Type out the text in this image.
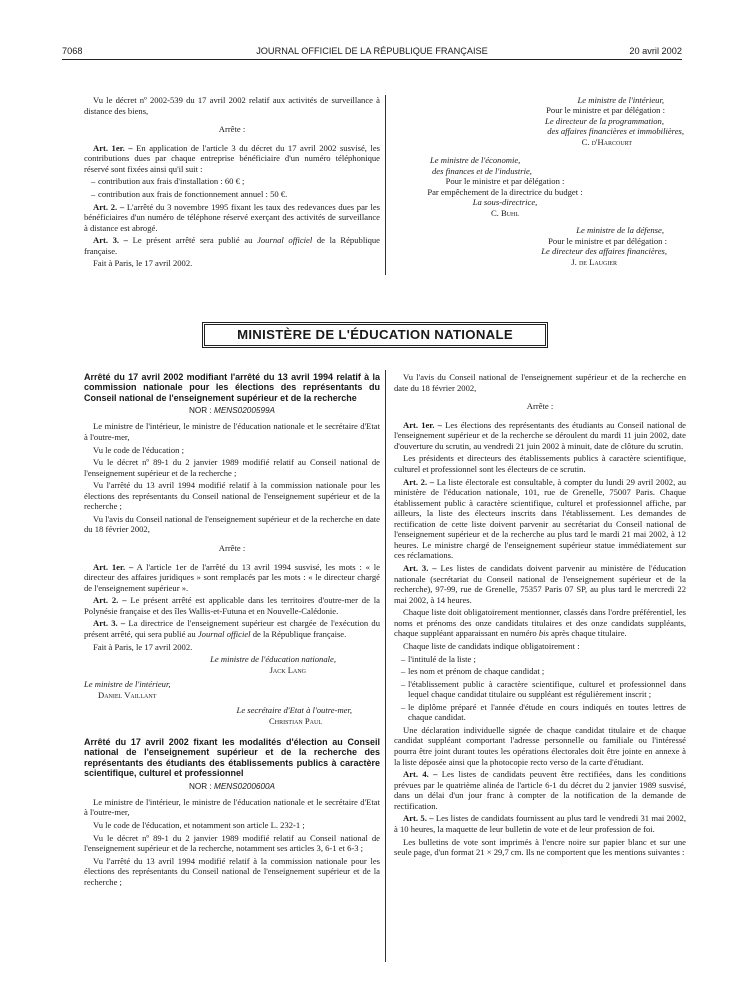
7068	JOURNAL OFFICIEL DE LA RÉPUBLIQUE FRANÇAISE	20 avril 2002

Vu le décret nº 2002-539 du 17 avril 2002 relatif aux activités de surveillance à distance des biens,

Arrête :

Art. 1er. – En application de l'article 3 du décret du 17 avril 2002 susvisé, les contributions dues par chaque entreprise bénéficiaire d'un numéro téléphonique réservé sont fixées ainsi qu'il suit :

– contribution aux frais d'installation : 60 € ;

– contribution aux frais de fonctionnement annuel : 50 €.

Art. 2. – L'arrêté du 3 novembre 1995 fixant les taux des redevances dues par les bénéficiaires d'un numéro de téléphone réservé exerçant des activités de surveillance à distance est abrogé.

Art. 3. – Le présent arrêté sera publié au Journal officiel de la République française.

Fait à Paris, le 17 avril 2002.

Le ministre de l'intérieur,
Pour le ministre et par délégation :
Le directeur de la programmation,
des affaires financières et immobilières,
C. d'Harcourt
Le ministre de l'économie,
des finances et de l'industrie,
Pour le ministre et par délégation :
Par empêchement de la directrice du budget :
La sous-directrice,
C. Buhl
Le ministre de la défense,
Pour le ministre et par délégation :
Le directeur des affaires financières,
J. de Laugier
MINISTÈRE DE L'ÉDUCATION NATIONALE
Arrêté du 17 avril 2002 modifiant l'arrêté du 13 avril 1994 relatif à la commission nationale pour les élections des représentants du Conseil national de l'enseignement supérieur et de la recherche
NOR : MENS0200599A

Le ministre de l'intérieur, le ministre de l'éducation nationale et le secrétaire d'Etat à l'outre-mer,

Vu le code de l'éducation ;

Vu le décret nº 89-1 du 2 janvier 1989 modifié relatif au Conseil national de l'enseignement supérieur et de la recherche ;

Vu l'arrêté du 13 avril 1994 modifié relatif à la commission nationale pour les élections des représentants du Conseil national de l'enseignement supérieur et de la recherche ;

Vu l'avis du Conseil national de l'enseignement supérieur et de la recherche en date du 18 février 2002,

Arrête :

Art. 1er. – A l'article 1er de l'arrêté du 13 avril 1994 susvisé, les mots : « le directeur des affaires juridiques » sont remplacés par les mots : « le directeur chargé de l'enseignement supérieur ».

Art. 2. – Le présent arrêté est applicable dans les territoires d'outre-mer de la Polynésie française et des îles Wallis-et-Futuna et en Nouvelle-Calédonie.

Art. 3. – La directrice de l'enseignement supérieur est chargée de l'exécution du présent arrêté, qui sera publié au Journal officiel de la République française.

Fait à Paris, le 17 avril 2002.

Le ministre de l'éducation nationale,
Jack Lang
Le ministre de l'intérieur,
Daniel Vaillant
Le secrétaire d'Etat à l'outre-mer,
Christian Paul
Arrêté du 17 avril 2002 fixant les modalités d'élection au Conseil national de l'enseignement supérieur et de la recherche des représentants des étudiants des établissements publics à caractère scientifique, culturel et professionnel
NOR : MENS0200600A

Le ministre de l'intérieur, le ministre de l'éducation nationale et le secrétaire d'Etat à l'outre-mer,

Vu le code de l'éducation, et notamment son article L. 232-1 ;

Vu le décret nº 89-1 du 2 janvier 1989 modifié relatif au Conseil national de l'enseignement supérieur et de la recherche, notamment ses articles 3, 6-1 et 6-3 ;

Vu l'arrêté du 13 avril 1994 modifié relatif à la commission nationale pour les élections des représentants du Conseil national de l'enseignement supérieur et de la recherche ;

Vu l'avis du Conseil national de l'enseignement supérieur et de la recherche en date du 18 février 2002,

Arrête :

Art. 1er. – Les élections des représentants des étudiants au Conseil national de l'enseignement supérieur et de la recherche se déroulent du mardi 11 juin 2002, date d'ouverture du scrutin, au vendredi 21 juin 2002 à minuit, date de clôture du scrutin.

Les présidents et directeurs des établissements publics à caractère scientifique, culturel et professionnel sont les électeurs de ce scrutin.

Art. 2. – La liste électorale est consultable, à compter du lundi 29 avril 2002, au ministère de l'éducation nationale, 101, rue de Grenelle, 75007 Paris. Chaque établissement public à caractère scientifique, culturel et professionnel affiche, par ailleurs, la liste des électeurs inscrits dans l'établissement. Les demandes de rectification de cette liste doivent parvenir au secrétariat du Conseil national de l'enseignement supérieur et de la recherche au plus tard le mardi 21 mai 2002, à 12 heures. Le ministre chargé de l'enseignement supérieur statue immédiatement sur ces réclamations.

Art. 3. – Les listes de candidats doivent parvenir au ministère de l'éducation nationale (secrétariat du Conseil national de l'enseignement supérieur et de la recherche), 97-99, rue de Grenelle, 75357 Paris 07 SP, au plus tard le mercredi 22 mai 2002, à 14 heures.

Chaque liste doit obligatoirement mentionner, classés dans l'ordre préférentiel, les noms et prénoms des onze candidats titulaires et des onze candidats suppléants, chaque suppléant apparaissant en numéro bis après chaque titulaire.

Chaque liste de candidats indique obligatoirement :

– l'intitulé de la liste ;

– les nom et prénom de chaque candidat ;

– l'établissement public à caractère scientifique, culturel et professionnel dans lequel chaque candidat titulaire ou suppléant est régulièrement inscrit ;

– le diplôme préparé et l'année d'étude en cours indiqués en toutes lettres de chaque candidat.

Une déclaration individuelle signée de chaque candidat titulaire et de chaque candidat suppléant comportant l'adresse personnelle ou familiale ou l'intéressé pourra être joint durant toutes les opérations électorales doit être jointe en annexe à la liste déposée ainsi que la photocopie recto verso de la carte d'étudiant.

Art. 4. – Les listes de candidats peuvent être rectifiées, dans les conditions prévues par le quatrième alinéa de l'article 6-1 du décret du 2 janvier 1989 susvisé, dans un délai d'un jour franc à compter de la notification de la demande de rectification.

Art. 5. – Les listes de candidats fournissent au plus tard le vendredi 31 mai 2002, à 10 heures, la maquette de leur bulletin de vote et de leur profession de foi.

Les bulletins de vote sont imprimés à l'encre noire sur papier blanc et sur une seule page, d'un format 21 × 29,7 cm. Ils ne comportent que les mentions suivantes :
